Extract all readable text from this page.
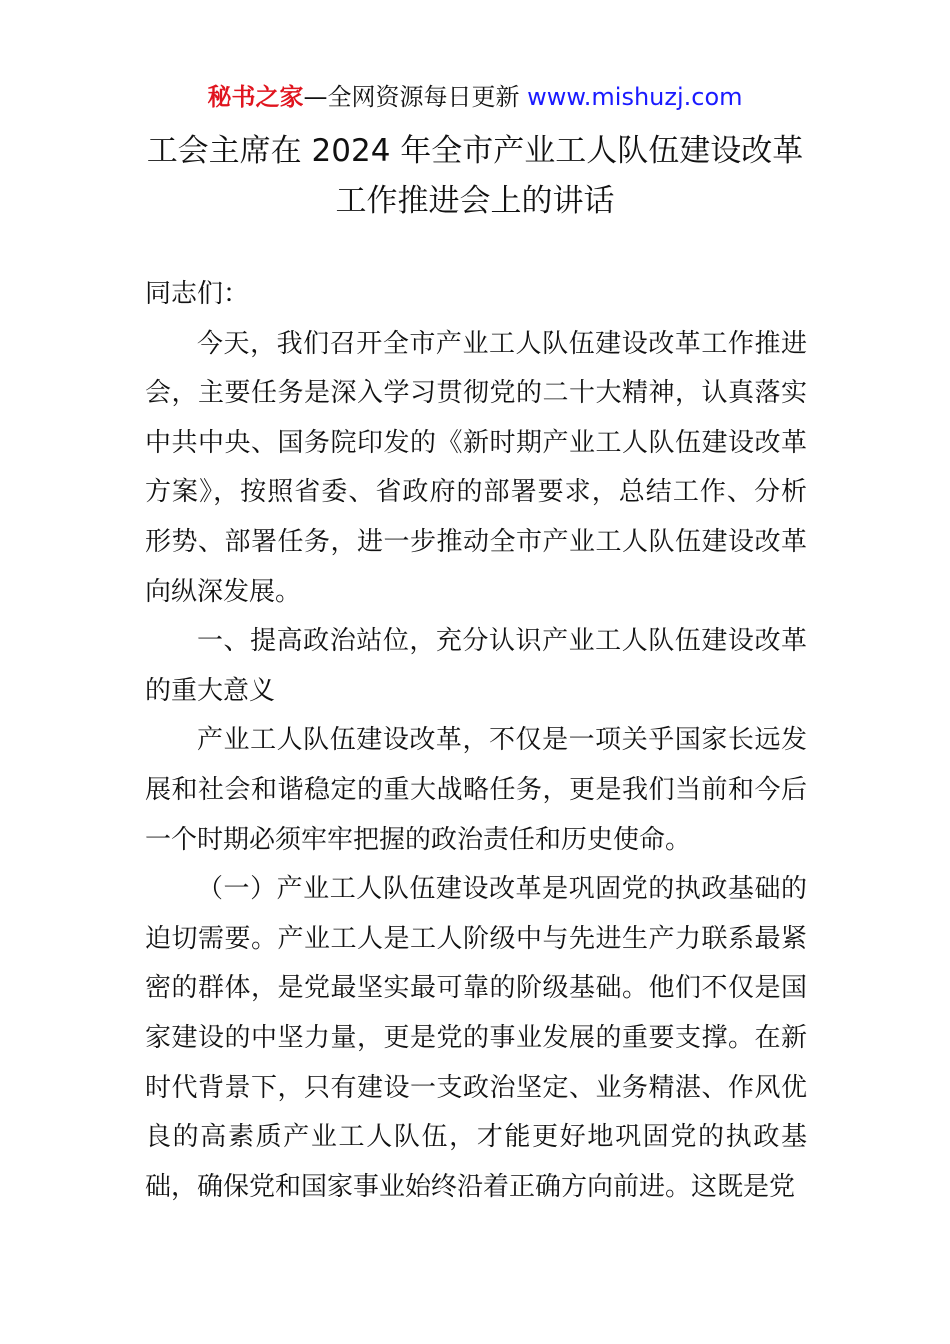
秘书之家—全网资源每日更新 www.mishuzj.com
工会主席在 2024 年全市产业工人队伍建设改革
工作推进会上的讲话

同志们：

今天，我们召开全市产业工人队伍建设改革工作推进会，主要任务是深入学习贯彻党的二十大精神，认真落实中共中央、国务院印发的《新时期产业工人队伍建设改革方案》，按照省委、省政府的部署要求，总结工作、分析形势、部署任务，进一步推动全市产业工人队伍建设改革向纵深发展。

一、提高政治站位，充分认识产业工人队伍建设改革的重大意义

产业工人队伍建设改革，不仅是一项关乎国家长远发展和社会和谐稳定的重大战略任务，更是我们当前和今后一个时期必须牢牢把握的政治责任和历史使命。

（一）产业工人队伍建设改革是巩固党的执政基础的迫切需要。产业工人是工人阶级中与先进生产力联系最紧密的群体，是党最坚实最可靠的阶级基础。他们不仅是国家建设的中坚力量，更是党的事业发展的重要支撑。在新时代背景下，只有建设一支政治坚定、业务精湛、作风优良的高素质产业工人队伍，才能更好地巩固党的执政基础，确保党和国家事业始终沿着正确方向前进。这既是党
